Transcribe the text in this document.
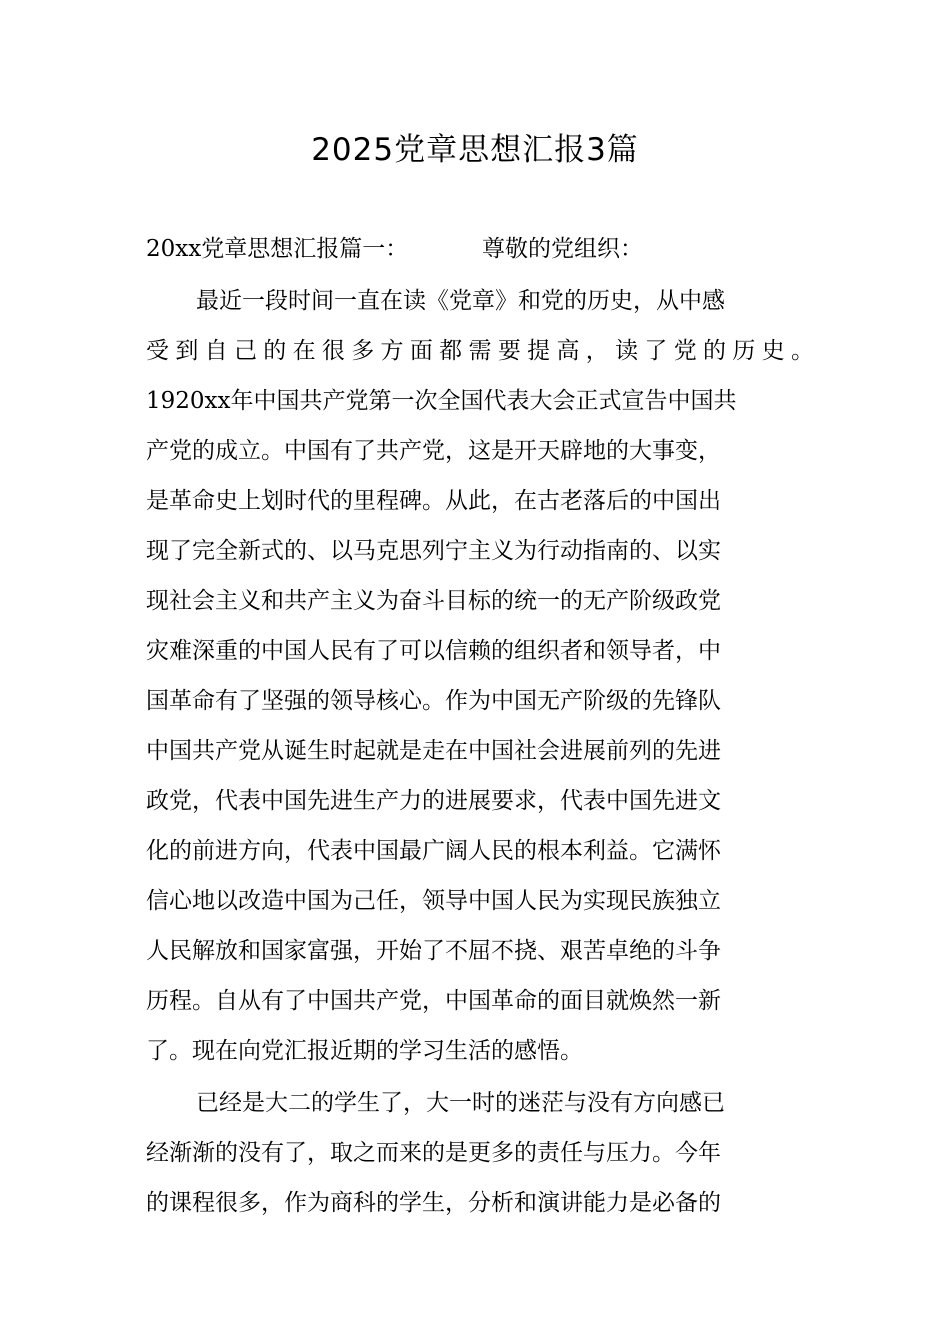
2025党章思想汇报3篇
20xx党章思想汇报篇一：	尊敬的党组织：
最近一段时间一直在读《党章》和党的历史，从中感
受到自己的在很多方面都需要提高，读了党的历史。
1920xx年中国共产党第一次全国代表大会正式宣告中国共
产党的成立。中国有了共产党，这是开天辟地的大事变，
是革命史上划时代的里程碑。从此，在古老落后的中国出
现了完全新式的、以马克思列宁主义为行动指南的、以实
现社会主义和共产主义为奋斗目标的统一的无产阶级政党
灾难深重的中国人民有了可以信赖的组织者和领导者，中
国革命有了坚强的领导核心。作为中国无产阶级的先锋队
中国共产党从诞生时起就是走在中国社会进展前列的先进
政党，代表中国先进生产力的进展要求，代表中国先进文
化的前进方向，代表中国最广阔人民的根本利益。它满怀
信心地以改造中国为己任，领导中国人民为实现民族独立
人民解放和国家富强，开始了不屈不挠、艰苦卓绝的斗争
历程。自从有了中国共产党，中国革命的面目就焕然一新
了。现在向党汇报近期的学习生活的感悟。
已经是大二的学生了，大一时的迷茫与没有方向感已
经渐渐的没有了，取之而来的是更多的责任与压力。今年
的课程很多，作为商科的学生，分析和演讲能力是必备的
